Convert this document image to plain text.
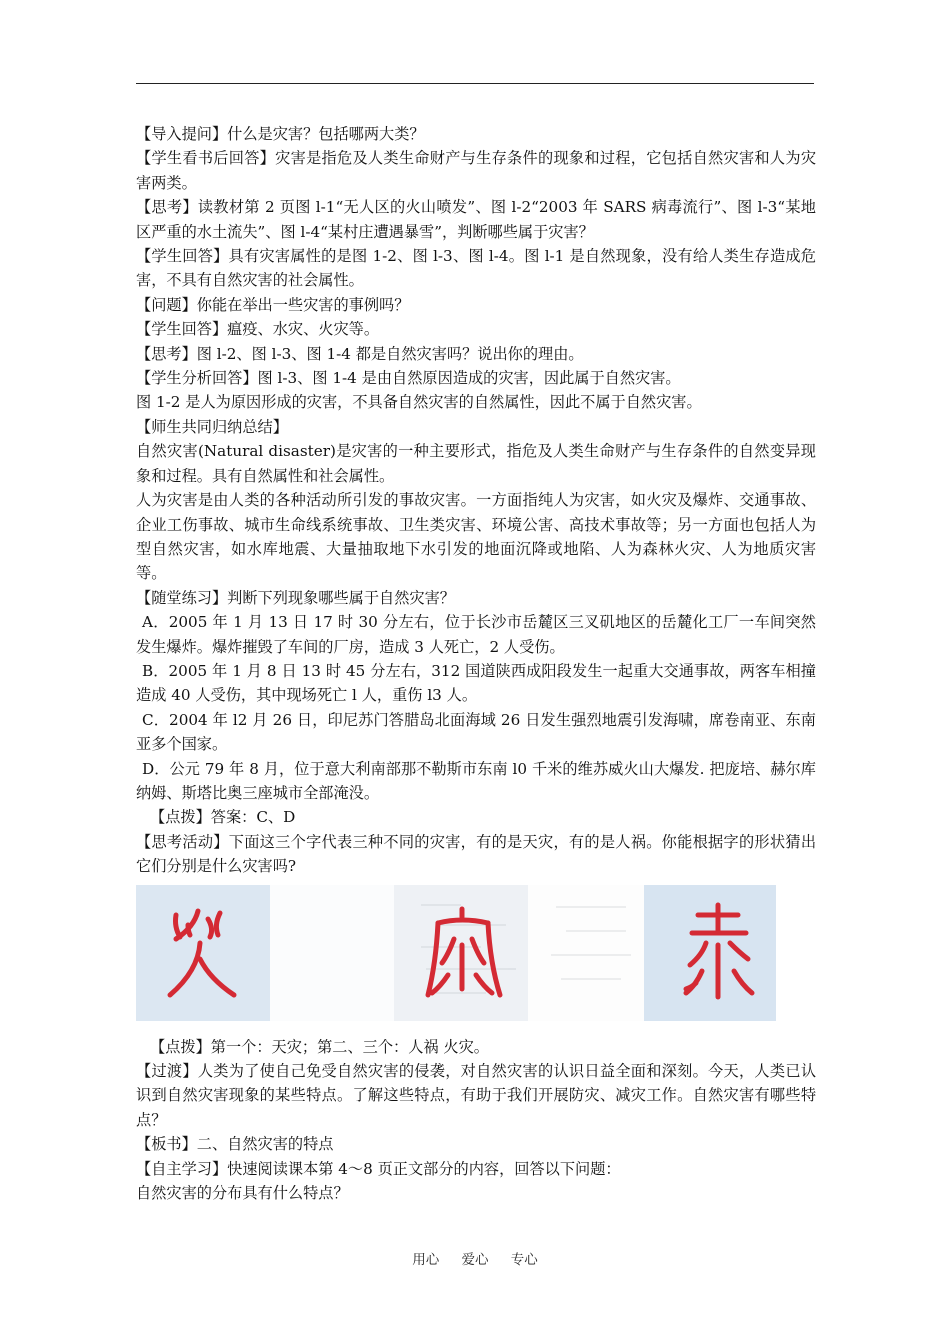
【导入提问】什么是灾害？包括哪两大类？

【学生看书后回答】灾害是指危及人类生命财产与生存条件的现象和过程，它包括自然灾害和人为灾害两类。

【思考】读教材第 2 页图 l-1“无人区的火山喷发”、图 l-2“2003 年 SARS 病毒流行”、图 l-3“某地区严重的水土流失”、图 l-4“某村庄遭遇暴雪”，判断哪些属于灾害？

【学生回答】具有灾害属性的是图 1-2、图 l-3、图 l-4。图 l-1 是自然现象，没有给人类生存造成危害，不具有自然灾害的社会属性。

【问题】你能在举出一些灾害的事例吗？

【学生回答】瘟疫、水灾、火灾等。

【思考】图 l-2、图 l-3、图 1-4 都是自然灾害吗？说出你的理由。

【学生分析回答】图 l-3、图 1-4 是由自然原因造成的灾害，因此属于自然灾害。

图 1-2 是人为原因形成的灾害，不具备自然灾害的自然属性，因此不属于自然灾害。

【师生共同归纳总结】

自然灾害(Natural disaster)是灾害的一种主要形式，指危及人类生命财产与生存条件的自然变异现象和过程。具有自然属性和社会属性。

人为灾害是由人类的各种活动所引发的事故灾害。一方面指纯人为灾害，如火灾及爆炸、交通事故、企业工伤事故、城市生命线系统事故、卫生类灾害、环境公害、高技术事故等；另一方面也包括人为型自然灾害，如水库地震、大量抽取地下水引发的地面沉降或地陷、人为森林火灾、人为地质灾害等。

【随堂练习】判断下列现象哪些属于自然灾害？

A．2005 年 1 月 13 日 17 时 30 分左右，位于长沙市岳麓区三叉矶地区的岳麓化工厂一车间突然发生爆炸。爆炸摧毁了车间的厂房，造成 3 人死亡，2 人受伤。

B．2005 年 1 月 8 日 13 时 45 分左右，312 国道陕西成阳段发生一起重大交通事故，两客车相撞造成 40 人受伤，其中现场死亡 l 人，重伤 l3 人。

C．2004 年 l2 月 26 日，印尼苏门答腊岛北面海域 26 日发生强烈地震引发海啸，席卷南亚、东南亚多个国家。

D．公元 79 年 8 月，位于意大利南部那不勒斯市东南 l0 千米的维苏威火山大爆发. 把庞培、赫尔库纳姆、斯塔比奥三座城市全部淹没。

【点拨】答案：C、D

【思考活动】下面这三个字代表三种不同的灾害，有的是天灾，有的是人祸。你能根据字的形状猜出它们分别是什么灾害吗?

【点拨】第一个：天灾；第二、三个：人祸 火灾。

【过渡】人类为了使自己免受自然灾害的侵袭，对自然灾害的认识日益全面和深刻。今天，人类已认识到自然灾害现象的某些特点。了解这些特点，有助于我们开展防灾、减灾工作。自然灾害有哪些特点？

【板书】二、自然灾害的特点

【自主学习】快速阅读课本第 4～8 页正文部分的内容，回答以下问题：

自然灾害的分布具有什么特点？

用心 爱心 专心
